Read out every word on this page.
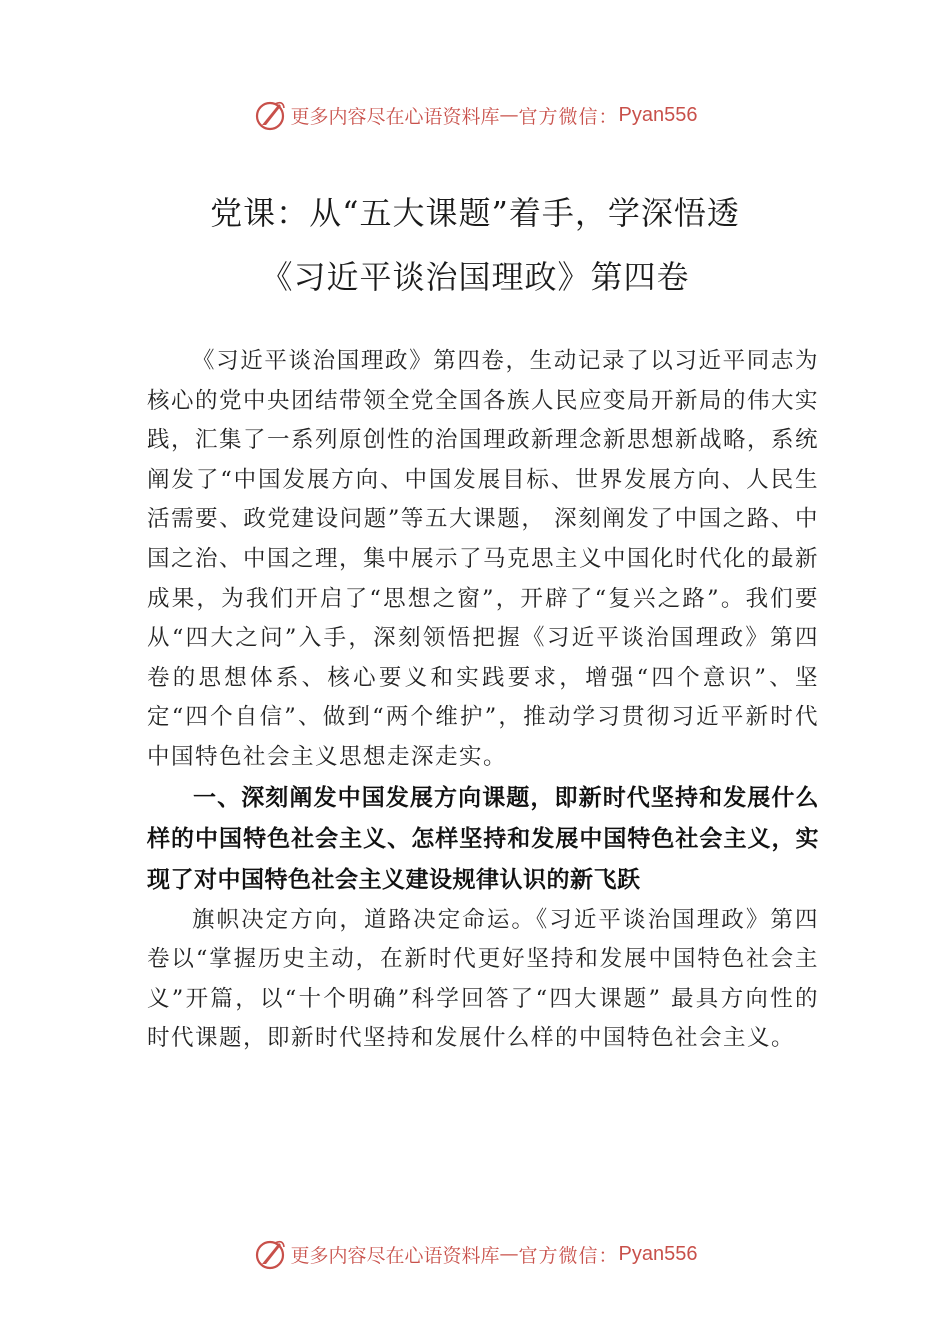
更多内容尽在心语资料库 — 官方微信： Pyan556
党课：从“五大课题”着手，学深悟透
《习近平谈治国理政》第四卷

《习近平谈治国理政》第四卷，生动记录了以习近平同志为核心的党中央团结带领全党全国各族人民应变局开新局的伟大实践，汇集了一系列原创性的治国理政新理念新思想新战略，系统阐发了“中国发展方向、中国发展目标、世界发展方向、人民生活需要、政党建设问题”等五大课题， 深刻阐发了中国之路、中国之治、中国之理，集中展示了马克思主义中国化时代化的最新成果，为我们开启了“思想之窗”，开辟了“复兴之路”。我们要从“四大之问”入手，深刻领悟把握《习近平谈治国理政》第四卷的思想体系、核心要义和实践要求，增强“四个意识”、坚定“四个自信”、做到“两个维护”，推动学习贯彻习近平新时代中国特色社会主义思想走深走实。

一、深刻阐发中国发展方向课题，即新时代坚持和发展什么样的中国特色社会主义、怎样坚持和发展中国特色社会主义，实现了对中国特色社会主义建设规律认识的新飞跃

旗帜决定方向，道路决定命运。《习近平谈治国理政》第四卷以“掌握历史主动，在新时代更好坚持和发展中国特色社会主义”开篇，以“十个明确”科学回答了“四大课题” 最具方向性的时代课题，即新时代坚持和发展什么样的中国特色社会主义。

更多内容尽在心语资料库 — 官方微信： Pyan556
